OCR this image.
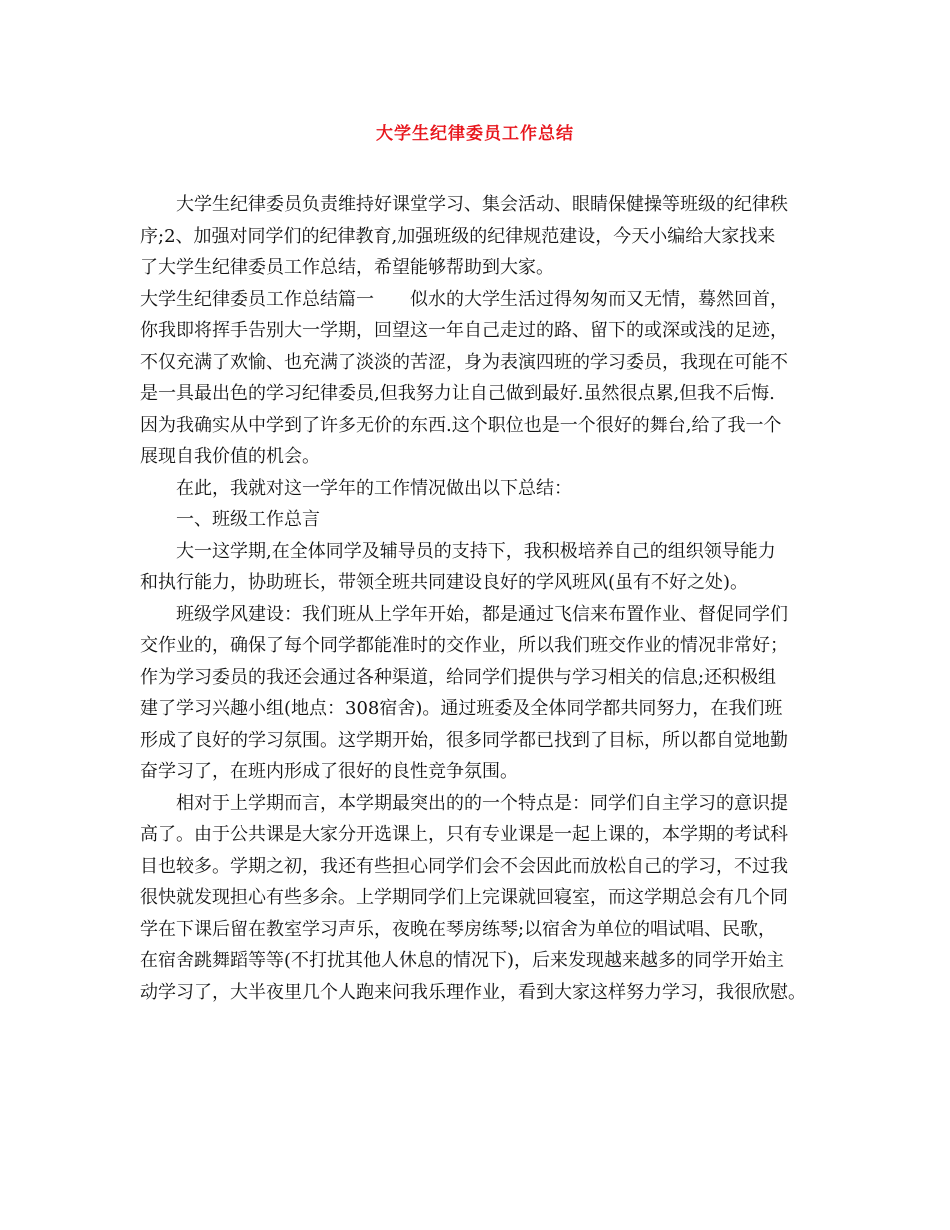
大学生纪律委员工作总结
大学生纪律委员负责维持好课堂学习、集会活动、眼睛保健操等班级的纪律秩
序;2、加强对同学们的纪律教育,加强班级的纪律规范建设，今天小编给大家找来
了大学生纪律委员工作总结，希望能够帮助到大家。
大学生纪律委员工作总结篇一　　似水的大学生活过得匆匆而又无情，蓦然回首，
你我即将挥手告别大一学期，回望这一年自己走过的路、留下的或深或浅的足迹，
不仅充满了欢愉、也充满了淡淡的苦涩，身为表演四班的学习委员，我现在可能不
是一具最出色的学习纪律委员,但我努力让自己做到最好.虽然很点累,但我不后悔.
因为我确实从中学到了许多无价的东西.这个职位也是一个很好的舞台,给了我一个
展现自我价值的机会。
在此，我就对这一学年的工作情况做出以下总结：
一、班级工作总言
大一这学期,在全体同学及辅导员的支持下，我积极培养自己的组织领导能力
和执行能力，协助班长，带领全班共同建设良好的学风班风(虽有不好之处)。
班级学风建设：我们班从上学年开始，都是通过飞信来布置作业、督促同学们
交作业的，确保了每个同学都能准时的交作业，所以我们班交作业的情况非常好；
作为学习委员的我还会通过各种渠道，给同学们提供与学习相关的信息;还积极组
建了学习兴趣小组(地点：308宿舍)。通过班委及全体同学都共同努力，在我们班
形成了良好的学习氛围。这学期开始，很多同学都已找到了目标，所以都自觉地勤
奋学习了，在班内形成了很好的良性竞争氛围。
相对于上学期而言，本学期最突出的的一个特点是：同学们自主学习的意识提
高了。由于公共课是大家分开选课上，只有专业课是一起上课的，本学期的考试科
目也较多。学期之初，我还有些担心同学们会不会因此而放松自己的学习，不过我
很快就发现担心有些多余。上学期同学们上完课就回寝室，而这学期总会有几个同
学在下课后留在教室学习声乐，夜晚在琴房练琴;以宿舍为单位的唱试唱、民歌，
在宿舍跳舞蹈等等(不打扰其他人休息的情况下)，后来发现越来越多的同学开始主
动学习了，大半夜里几个人跑来问我乐理作业，看到大家这样努力学习，我很欣慰。
